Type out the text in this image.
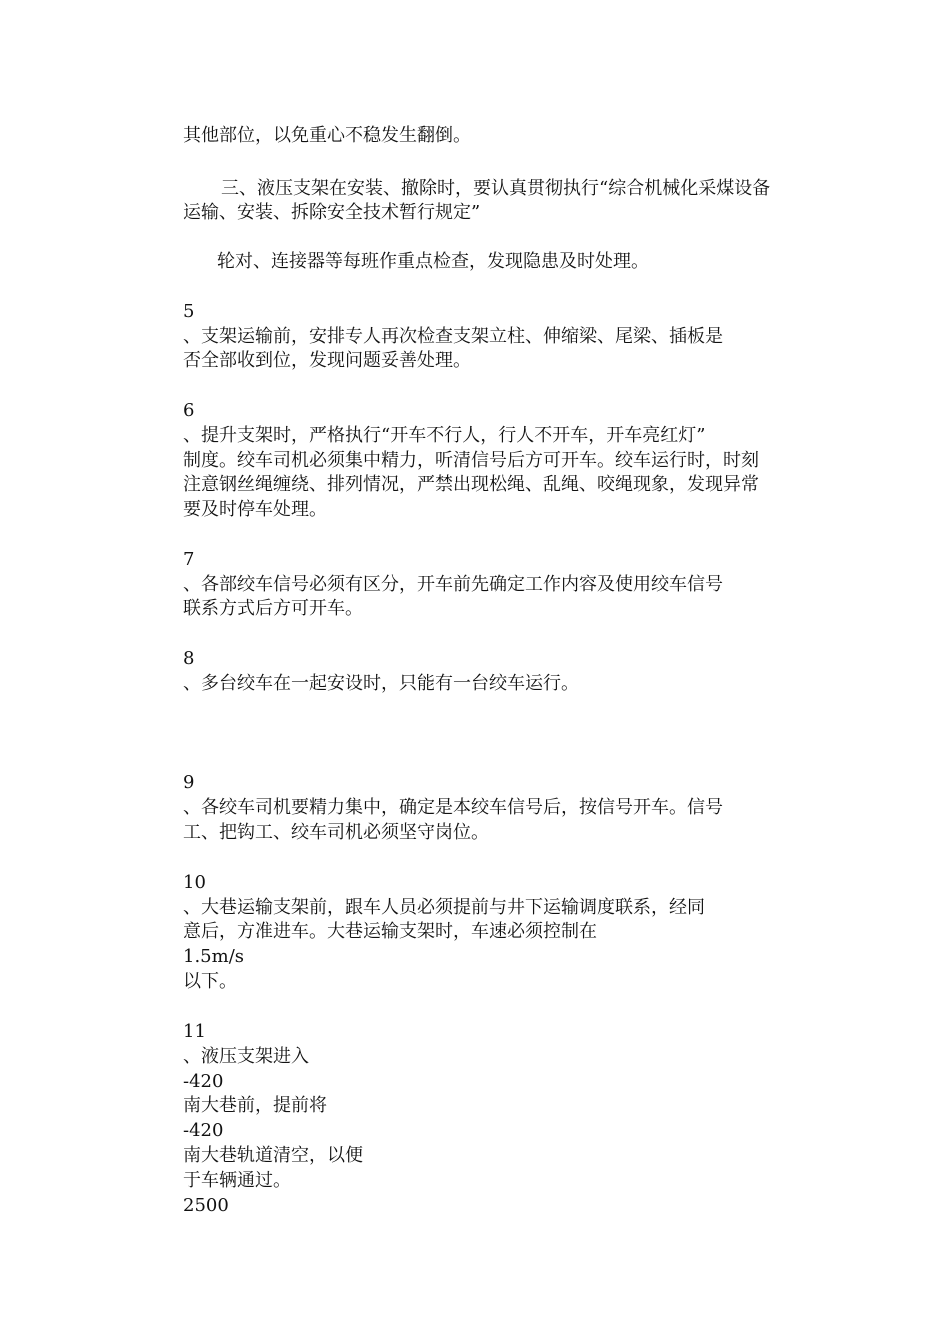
其他部位，以免重心不稳发生翻倒。
三、液压支架在安装、撤除时，要认真贯彻执行“综合机械化采煤设备
运输、安装、拆除安全技术暂行规定”
轮对、连接器等每班作重点检查，发现隐患及时处理。
5
、支架运输前，安排专人再次检查支架立柱、伸缩梁、尾梁、插板是
否全部收到位，发现问题妥善处理。
6
、提升支架时，严格执行“开车不行人，行人不开车，开车亮红灯”
制度。绞车司机必须集中精力，听清信号后方可开车。绞车运行时，时刻
注意钢丝绳缠绕、排列情况，严禁出现松绳、乱绳、咬绳现象，发现异常
要及时停车处理。
7
、各部绞车信号必须有区分，开车前先确定工作内容及使用绞车信号
联系方式后方可开车。
8
、多台绞车在一起安设时，只能有一台绞车运行。
9
、各绞车司机要精力集中，确定是本绞车信号后，按信号开车。信号
工、把钩工、绞车司机必须坚守岗位。
10
、大巷运输支架前，跟车人员必须提前与井下运输调度联系，经同
意后，方准进车。大巷运输支架时，车速必须控制在
1.5m/s
以下。
11
、液压支架进入
-420
南大巷前，提前将
-420
南大巷轨道清空，以便
于车辆通过。
2500
